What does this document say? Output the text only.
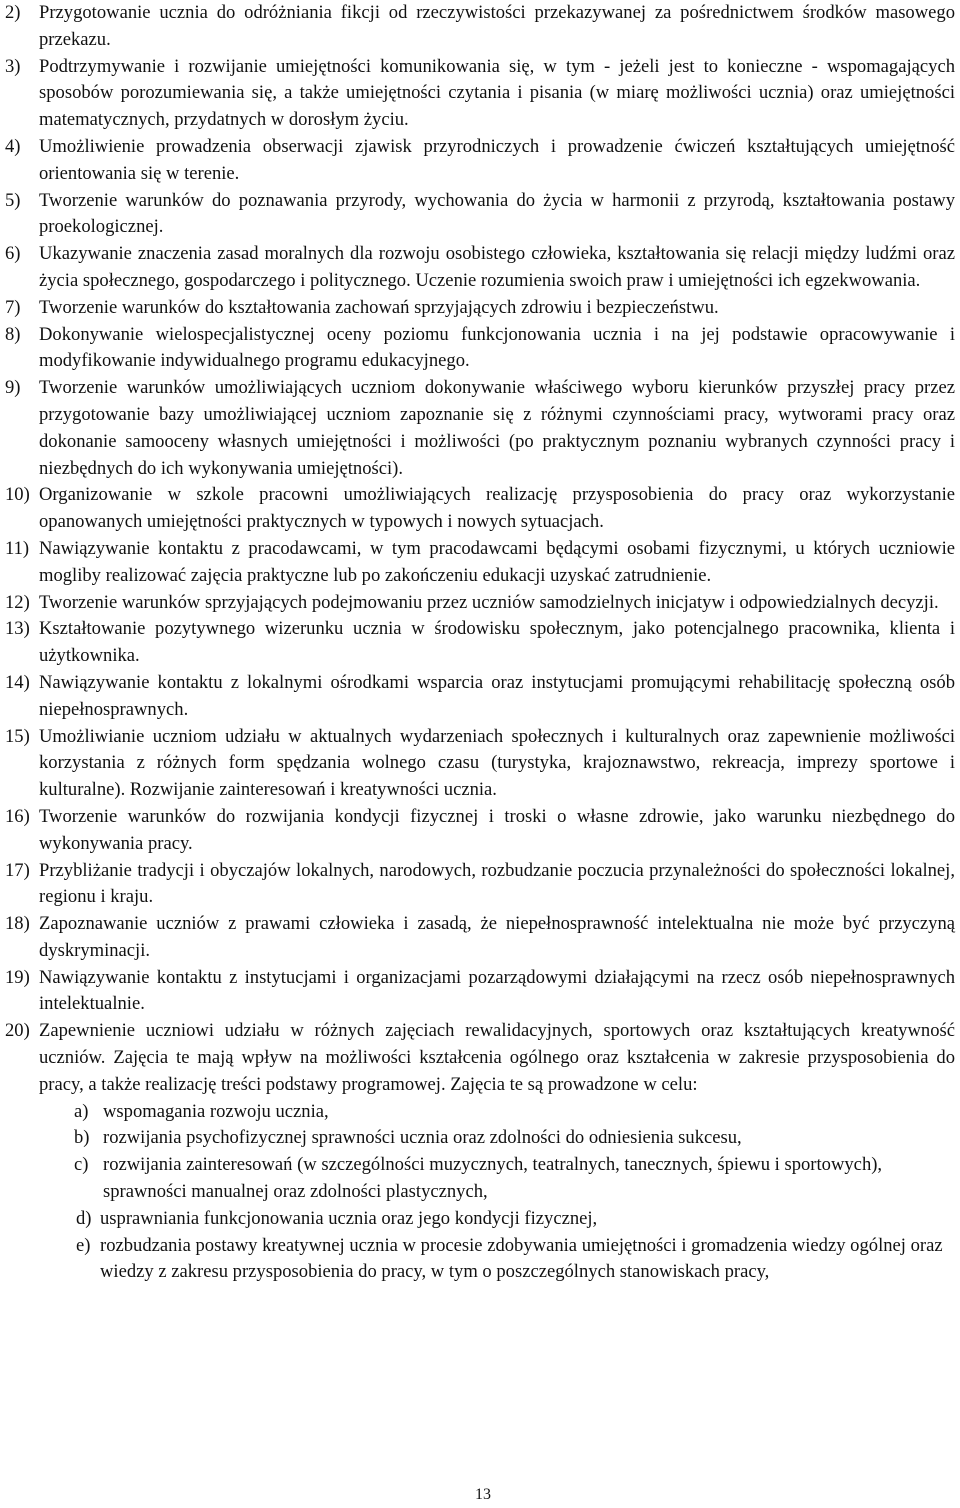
2) Przygotowanie ucznia do odróżniania fikcji od rzeczywistości przekazywanej za pośrednictwem środków masowego przekazu.

3) Podtrzymywanie i rozwijanie umiejętności komunikowania się, w tym - jeżeli jest to konieczne - wspomagających sposobów porozumiewania się, a także umiejętności czytania i pisania (w miarę możliwości ucznia) oraz umiejętności matematycznych, przydatnych w dorosłym życiu.

4) Umożliwienie prowadzenia obserwacji zjawisk przyrodniczych i prowadzenie ćwiczeń kształtujących umiejętność orientowania się w terenie.

5) Tworzenie warunków do poznawania przyrody, wychowania do życia w harmonii z przyrodą, kształtowania postawy proekologicznej.

6) Ukazywanie znaczenia zasad moralnych dla rozwoju osobistego człowieka, kształtowania się relacji między ludźmi oraz życia społecznego, gospodarczego i politycznego. Uczenie rozumienia swoich praw i umiejętności ich egzekwowania.

7) Tworzenie warunków do kształtowania zachowań sprzyjających zdrowiu i bezpieczeństwu.

8) Dokonywanie wielospecjalistycznej oceny poziomu funkcjonowania ucznia i na jej podstawie opracowywanie i modyfikowanie indywidualnego programu edukacyjnego.

9) Tworzenie warunków umożliwiających uczniom dokonywanie właściwego wyboru kierunków przyszłej pracy przez przygotowanie bazy umożliwiającej uczniom zapoznanie się z różnymi czynnościami pracy, wytworami pracy oraz dokonanie samooceny własnych umiejętności i możliwości (po praktycznym poznaniu wybranych czynności pracy i niezbędnych do ich wykonywania umiejętności).

10) Organizowanie w szkole pracowni umożliwiających realizację przysposobienia do pracy oraz wykorzystanie opanowanych umiejętności praktycznych w typowych i nowych sytuacjach.

11) Nawiązywanie kontaktu z pracodawcami, w tym pracodawcami będącymi osobami fizycznymi, u których uczniowie mogliby realizować zajęcia praktyczne lub po zakończeniu edukacji uzyskać zatrudnienie.

12) Tworzenie warunków sprzyjających podejmowaniu przez uczniów samodzielnych inicjatyw i odpowiedzialnych decyzji.

13) Kształtowanie pozytywnego wizerunku ucznia w środowisku społecznym, jako potencjalnego pracownika, klienta i użytkownika.

14) Nawiązywanie kontaktu z lokalnymi ośrodkami wsparcia oraz instytucjami promującymi rehabilitację społeczną osób niepełnosprawnych.

15) Umożliwianie uczniom udziału w aktualnych wydarzeniach społecznych i kulturalnych oraz zapewnienie możliwości korzystania z różnych form spędzania wolnego czasu (turystyka, krajoznawstwo, rekreacja, imprezy sportowe i kulturalne). Rozwijanie zainteresowań i kreatywności ucznia.

16) Tworzenie warunków do rozwijania kondycji fizycznej i troski o własne zdrowie, jako warunku niezbędnego do wykonywania pracy.

17) Przybliżanie tradycji i obyczajów lokalnych, narodowych, rozbudzanie poczucia przynależności do społeczności lokalnej, regionu i kraju.

18) Zapoznawanie uczniów z prawami człowieka i zasadą, że niepełnosprawność intelektualna nie może być przyczyną dyskryminacji.

19) Nawiązywanie kontaktu z instytucjami i organizacjami pozarządowymi działającymi na rzecz osób niepełnosprawnych intelektualnie.

20) Zapewnienie uczniowi udziału w różnych zajęciach rewalidacyjnych, sportowych oraz kształtujących kreatywność uczniów. Zajęcia te mają wpływ na możliwości kształcenia ogólnego oraz kształcenia w zakresie przysposobienia do pracy, a także realizację treści podstawy programowej. Zajęcia te są prowadzone w celu:

a) wspomagania rozwoju ucznia,

b) rozwijania psychofizycznej sprawności ucznia oraz zdolności do odniesienia sukcesu,

c) rozwijania zainteresowań (w szczególności muzycznych, teatralnych, tanecznych, śpiewu i sportowych), sprawności manualnej oraz zdolności plastycznych,

d) usprawniania funkcjonowania ucznia oraz jego kondycji fizycznej,

e) rozbudzania postawy kreatywnej ucznia w procesie zdobywania umiejętności i gromadzenia wiedzy ogólnej oraz wiedzy z zakresu przysposobienia do pracy, w tym o poszczególnych stanowiskach pracy,

13
